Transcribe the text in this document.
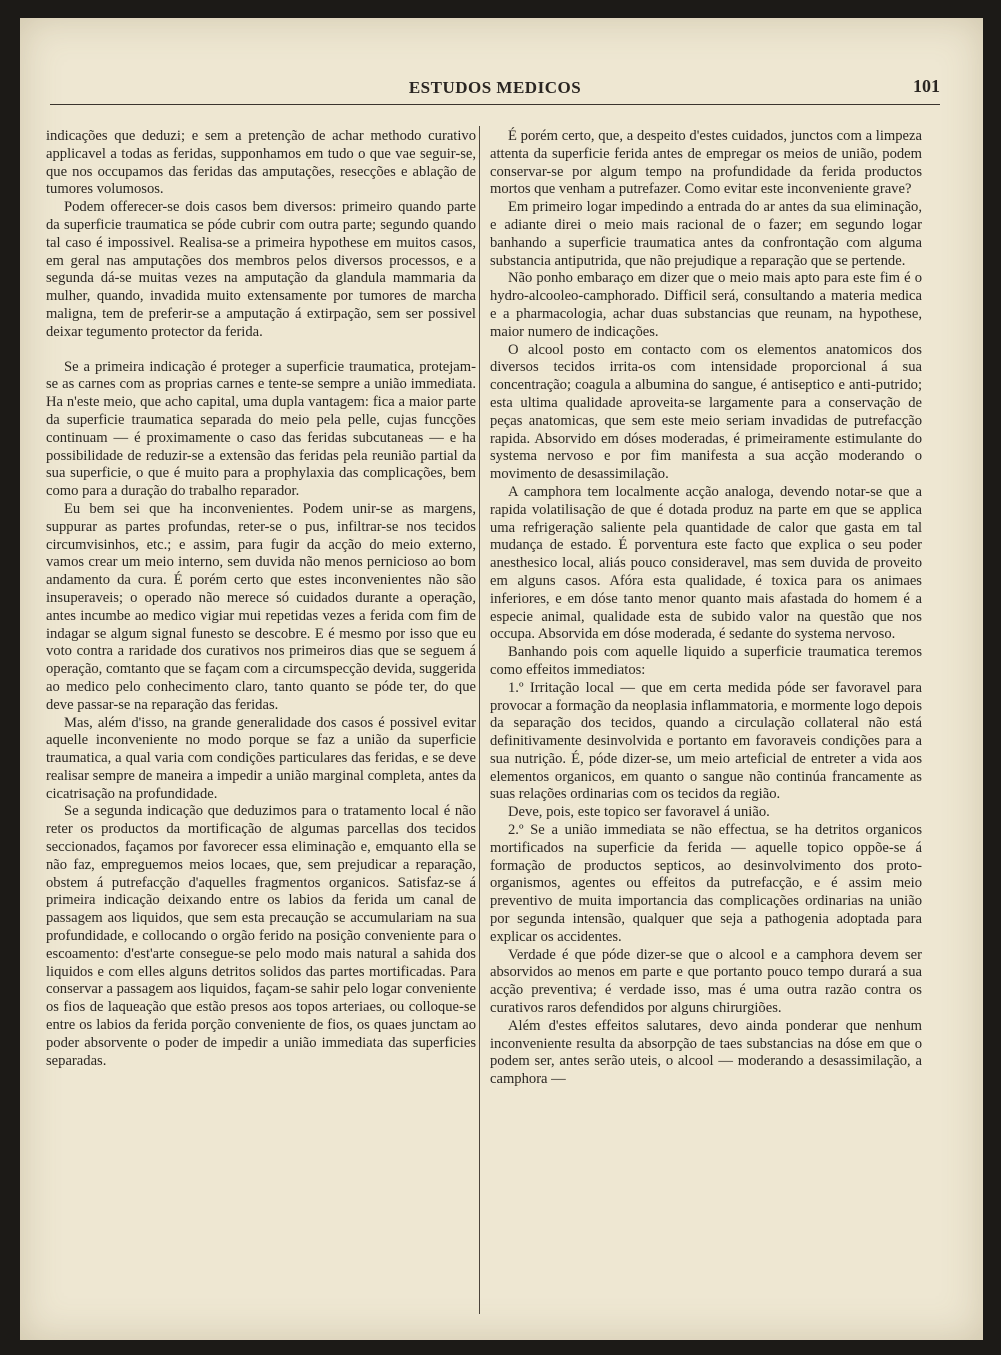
ESTUDOS MEDICOS	101

indicações que deduzi; e sem a pretenção de achar methodo curativo applicavel a todas as feridas, supponhamos em tudo o que vae seguir-se, que nos occupamos das feridas das amputações, resecções e ablação de tumores volumosos.

Podem offerecer-se dois casos bem diversos: primeiro quando parte da superficie traumatica se póde cubrir com outra parte; segundo quando tal caso é impossivel. Realisa-se a primeira hypothese em muitos casos, em geral nas amputações dos membros pelos diversos processos, e a segunda dá-se muitas vezes na amputação da glandula mammaria da mulher, quando, invadida muito extensamente por tumores de marcha maligna, tem de preferir-se a amputação á extirpação, sem ser possivel deixar tegumento protector da ferida.

Se a primeira indicação é proteger a superficie traumatica, protejam-se as carnes com as proprias carnes e tente-se sempre a união immediata. Ha n'este meio, que acho capital, uma dupla vantagem: fica a maior parte da superficie traumatica separada do meio pela pelle, cujas funcções continuam — é proximamente o caso das feridas subcutaneas — e ha possibilidade de reduzir-se a extensão das feridas pela reunião partial da sua superficie, o que é muito para a prophylaxia das complicações, bem como para a duração do trabalho reparador.

Eu bem sei que ha inconvenientes. Podem unir-se as margens, suppurar as partes profundas, reter-se o pus, infiltrar-se nos tecidos circumvisinhos, etc.; e assim, para fugir da acção do meio externo, vamos crear um meio interno, sem duvida não menos pernicioso ao bom andamento da cura. É porém certo que estes inconvenientes não são insuperaveis; o operado não merece só cuidados durante a operação, antes incumbe ao medico vigiar mui repetidas vezes a ferida com fim de indagar se algum signal funesto se descobre. E é mesmo por isso que eu voto contra a raridade dos curativos nos primeiros dias que se seguem á operação, comtanto que se façam com a circumspecção devida, suggerida ao medico pelo conhecimento claro, tanto quanto se póde ter, do que deve passar-se na reparação das feridas.

Mas, além d'isso, na grande generalidade dos casos é possivel evitar aquelle inconveniente no modo porque se faz a união da superficie traumatica, a qual varia com condições particulares das feridas, e se deve realisar sempre de maneira a impedir a união marginal completa, antes da cicatrisação na profundidade.

Se a segunda indicação que deduzimos para o tratamento local é não reter os productos da mortificação de algumas parcellas dos tecidos seccionados, façamos por favorecer essa eliminação e, emquanto ella se não faz, empreguemos meios locaes, que, sem prejudicar a reparação, obstem á putrefacção d'aquelles fragmentos organicos. Satisfaz-se á primeira indicação deixando entre os labios da ferida um canal de passagem aos liquidos, que sem esta precaução se accumulariam na sua profundidade, e collocando o orgão ferido na posição conveniente para o escoamento: d'est'arte consegue-se pelo modo mais natural a sahida dos liquidos e com elles alguns detritos solidos das partes mortificadas. Para conservar a passagem aos liquidos, façam-se sahir pelo logar conveniente os fios de laqueação que estão presos aos topos arteriaes, ou colloque-se entre os labios da ferida porção conveniente de fios, os quaes junctam ao poder absorvente o poder de impedir a união immediata das superficies separadas.

É porém certo, que, a despeito d'estes cuidados, junctos com a limpeza attenta da superficie ferida antes de empregar os meios de união, podem conservar-se por algum tempo na profundidade da ferida productos mortos que venham a putrefazer. Como evitar este inconveniente grave?

Em primeiro logar impedindo a entrada do ar antes da sua eliminação, e adiante direi o meio mais racional de o fazer; em segundo logar banhando a superficie traumatica antes da confrontação com alguma substancia antiputrida, que não prejudique a reparação que se pertende.

Não ponho embaraço em dizer que o meio mais apto para este fim é o hydro-alcooleo-camphorado. Difficil será, consultando a materia medica e a pharmacologia, achar duas substancias que reunam, na hypothese, maior numero de indicações.

O alcool posto em contacto com os elementos anatomicos dos diversos tecidos irrita-os com intensidade proporcional á sua concentração; coagula a albumina do sangue, é antiseptico e anti-putrido; esta ultima qualidade aproveita-se largamente para a conservação de peças anatomicas, que sem este meio seriam invadidas de putrefacção rapida. Absorvido em dóses moderadas, é primeiramente estimulante do systema nervoso e por fim manifesta a sua acção moderando o movimento de desassimilação.

A camphora tem localmente acção analoga, devendo notar-se que a rapida volatilisação de que é dotada produz na parte em que se applica uma refrigeração saliente pela quantidade de calor que gasta em tal mudança de estado. É porventura este facto que explica o seu poder anesthesico local, aliás pouco consideravel, mas sem duvida de proveito em alguns casos. Afóra esta qualidade, é toxica para os animaes inferiores, e em dóse tanto menor quanto mais afastada do homem é a especie animal, qualidade esta de subido valor na questão que nos occupa. Absorvida em dóse moderada, é sedante do systema nervoso.

Banhando pois com aquelle liquido a superficie traumatica teremos como effeitos immediatos:

1.º Irritação local — que em certa medida póde ser favoravel para provocar a formação da neoplasia inflammatoria, e mormente logo depois da separação dos tecidos, quando a circulação collateral não está definitivamente desinvolvida e portanto em favoraveis condições para a sua nutrição. É, póde dizer-se, um meio arteficial de entreter a vida aos elementos organicos, em quanto o sangue não continúa francamente as suas relações ordinarias com os tecidos da região.

Deve, pois, este topico ser favoravel á união.

2.º Se a união immediata se não effectua, se ha detritos organicos mortificados na superficie da ferida — aquelle topico oppõe-se á formação de productos septicos, ao desinvolvimento dos proto-organismos, agentes ou effeitos da putrefacção, e é assim meio preventivo de muita importancia das complicações ordinarias na união por segunda intensão, qualquer que seja a pathogenia adoptada para explicar os accidentes.

Verdade é que póde dizer-se que o alcool e a camphora devem ser absorvidos ao menos em parte e que portanto pouco tempo durará a sua acção preventiva; é verdade isso, mas é uma outra razão contra os curativos raros defendidos por alguns chirurgiões.

Além d'estes effeitos salutares, devo ainda ponderar que nenhum inconveniente resulta da absorpção de taes substancias na dóse em que o podem ser, antes serão uteis, o alcool — moderando a desassimilação, a camphora —
